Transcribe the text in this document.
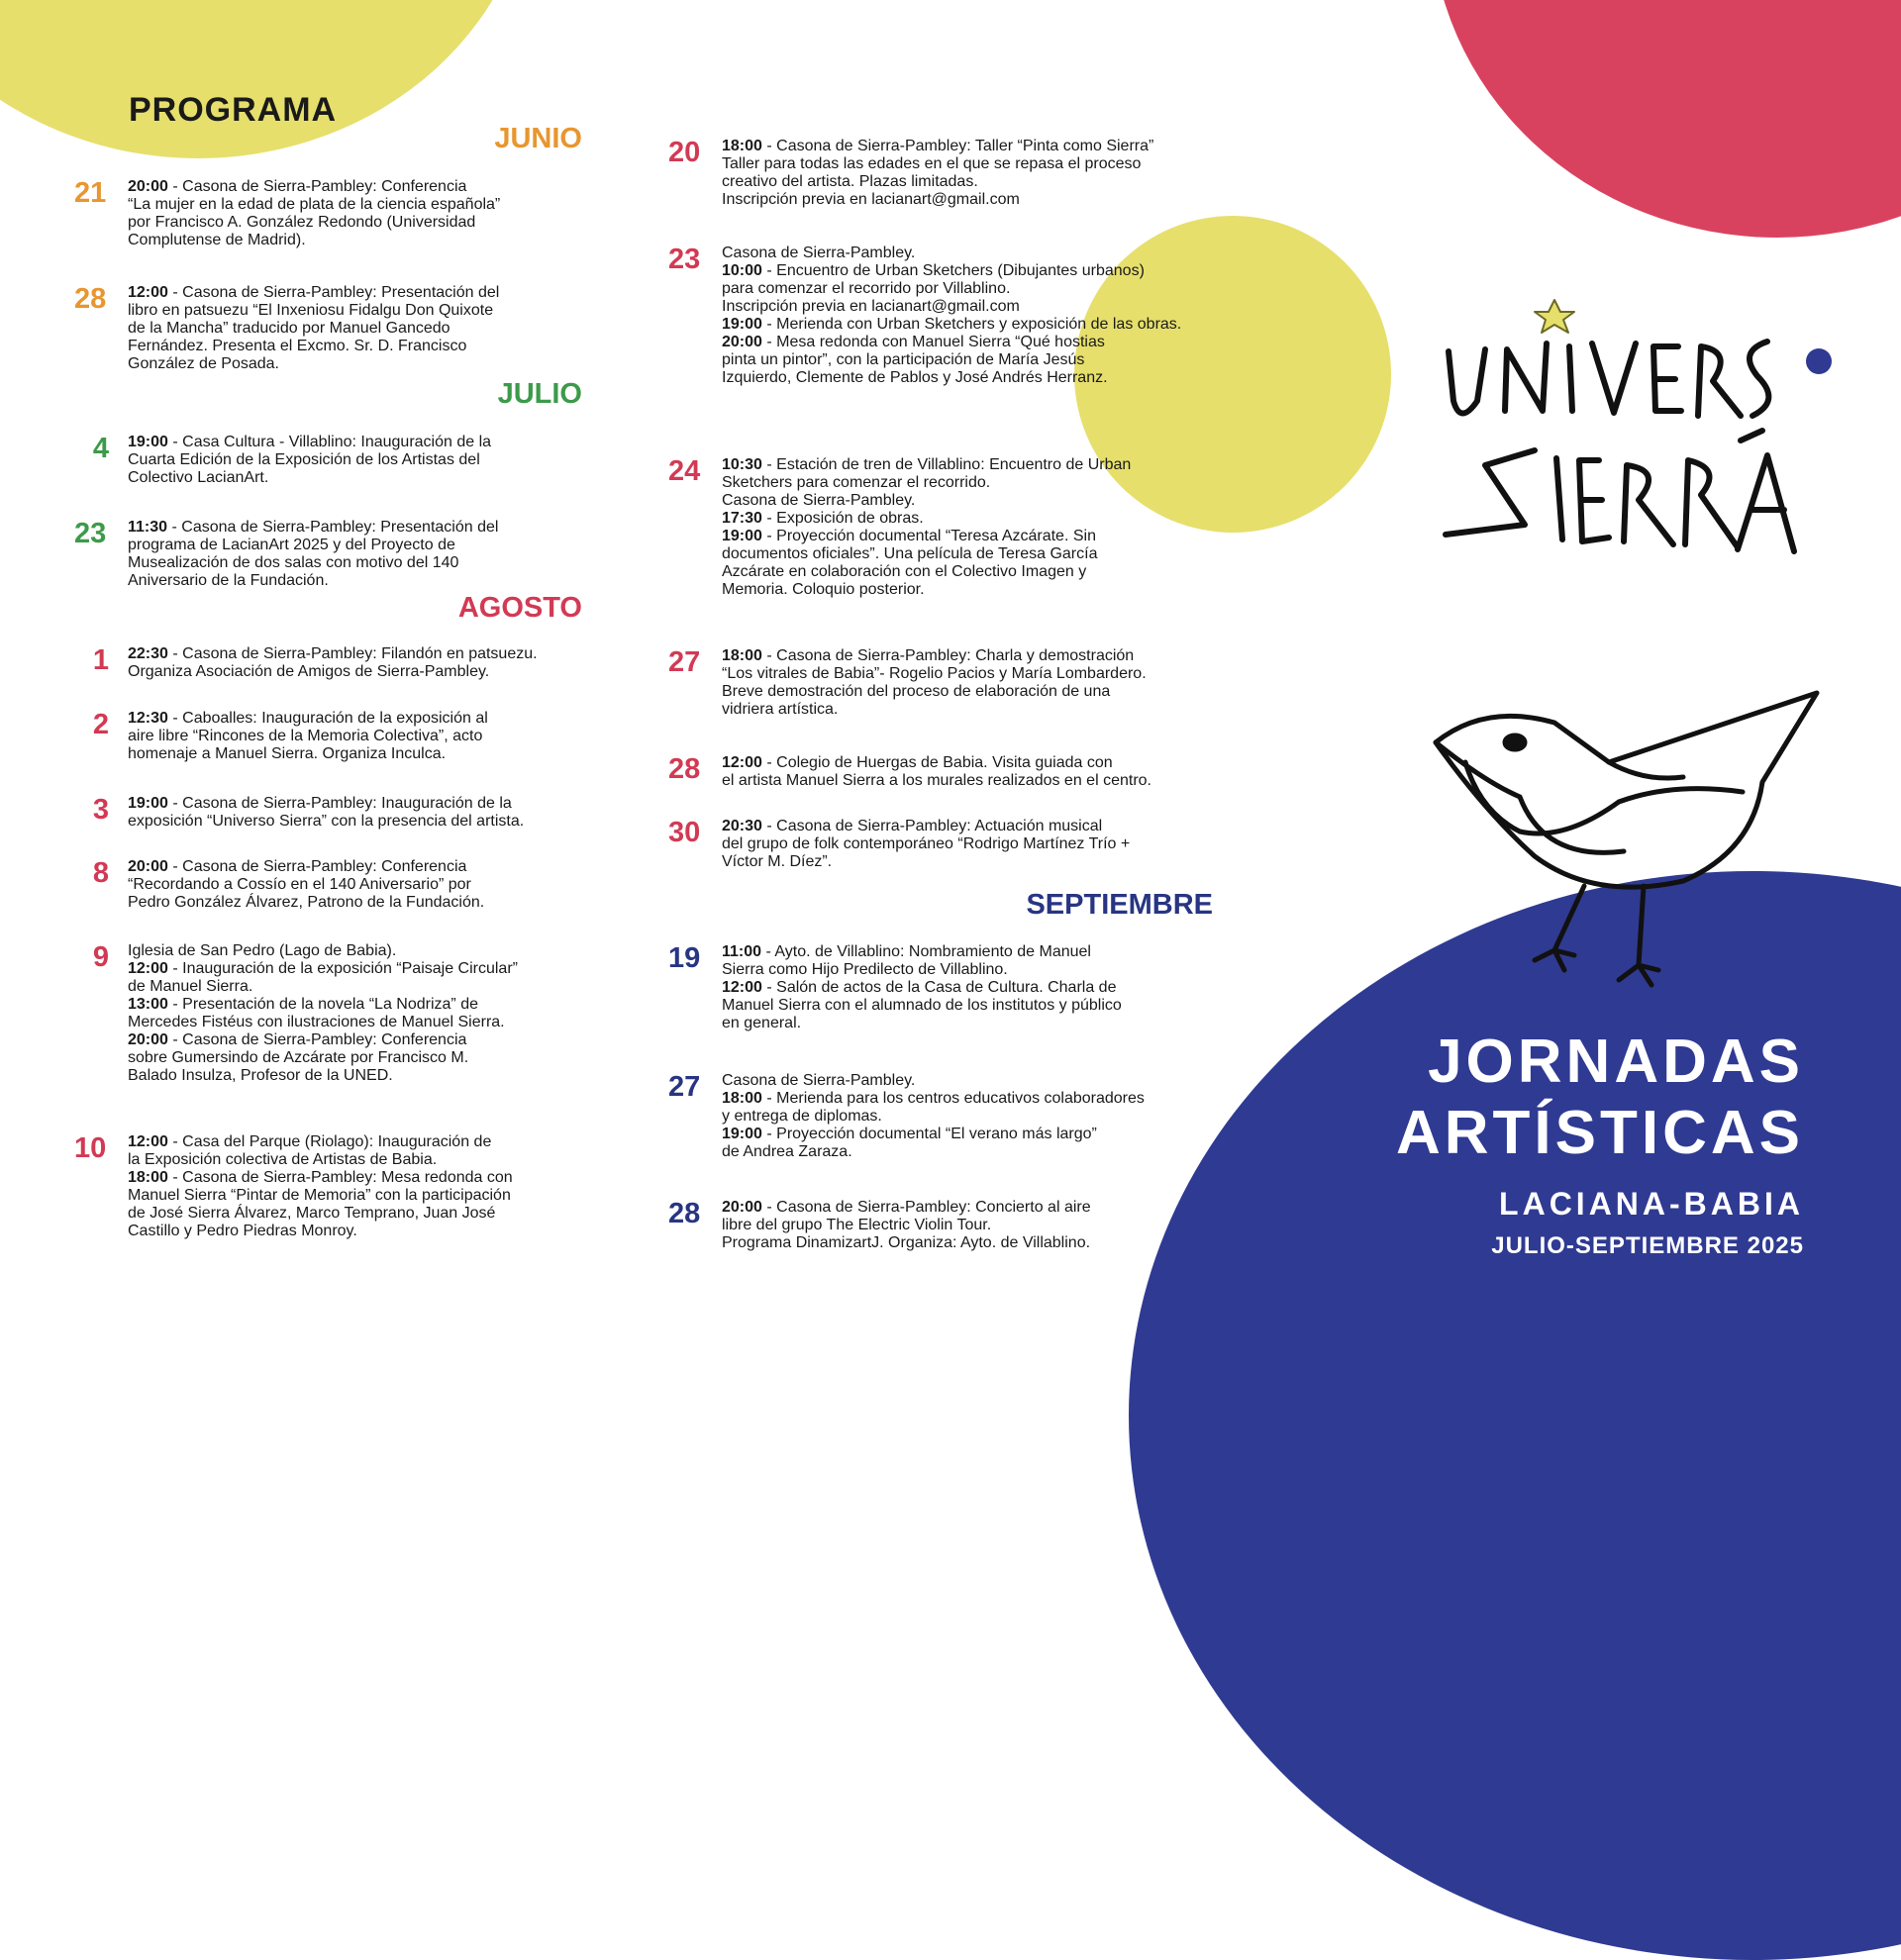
PROGRAMA
JUNIO
JULIO
AGOSTO
SEPTIEMBRE
21	20:00 - Casona de Sierra-Pambley: Conferencia
“La mujer en la edad de plata de la ciencia española”
por Francisco A. González Redondo (Universidad
Complutense de Madrid).
28	12:00 - Casona de Sierra-Pambley: Presentación del
libro en patsuezu “El Inxeniosu Fidalgu Don Quixote
de la Mancha” traducido por Manuel Gancedo
Fernández. Presenta el Excmo. Sr. D. Francisco
González de Posada.
4	19:00 - Casa Cultura - Villablino: Inauguración de la
Cuarta Edición de la Exposición de los Artistas del
Colectivo LacianArt.
23	11:30 - Casona de Sierra-Pambley: Presentación del
programa de LacianArt 2025 y del Proyecto de
Musealización de dos salas con motivo del 140
Aniversario de la Fundación.
1	22:30 - Casona de Sierra-Pambley: Filandón en patsuezu.
Organiza Asociación de Amigos de Sierra-Pambley.
2	12:30 - Caboalles: Inauguración de la exposición al
aire libre “Rincones de la Memoria Colectiva”, acto
homenaje a Manuel Sierra. Organiza Inculca.
3	19:00 - Casona de Sierra-Pambley: Inauguración de la
exposición “Universo Sierra” con la presencia del artista.
8	20:00 - Casona de Sierra-Pambley: Conferencia
“Recordando a Cossío en el 140 Aniversario” por
Pedro González Álvarez, Patrono de la Fundación.
9	Iglesia de San Pedro (Lago de Babia).
12:00 - Inauguración de la exposición “Paisaje Circular”
de Manuel Sierra.
13:00 - Presentación de la novela “La Nodriza” de
Mercedes Fistéus con ilustraciones de Manuel Sierra.
20:00 - Casona de Sierra-Pambley: Conferencia
sobre Gumersindo de Azcárate por Francisco M.
Balado Insulza, Profesor de la UNED.
10	12:00 - Casa del Parque (Riolago): Inauguración de
la Exposición colectiva de Artistas de Babia.
18:00 - Casona de Sierra-Pambley: Mesa redonda con
Manuel Sierra “Pintar de Memoria” con la participación
de José Sierra Álvarez, Marco Temprano, Juan José
Castillo y Pedro Piedras Monroy.
20	18:00 - Casona de Sierra-Pambley: Taller “Pinta como Sierra”
Taller para todas las edades en el que se repasa el proceso
creativo del artista. Plazas limitadas.
Inscripción previa en lacianart@gmail.com
23	Casona de Sierra-Pambley.
10:00 - Encuentro de Urban Sketchers (Dibujantes urbanos)
para comenzar el recorrido por Villablino.
Inscripción previa en lacianart@gmail.com
19:00 - Merienda con Urban Sketchers y exposición de las obras.
20:00 - Mesa redonda con Manuel Sierra “Qué hostias
pinta un pintor”, con la participación de María Jesús
Izquierdo, Clemente de Pablos y José Andrés Herranz.
24	10:30 - Estación de tren de Villablino: Encuentro de Urban
Sketchers para comenzar el recorrido.
Casona de Sierra-Pambley.
17:30 - Exposición de obras.
19:00 - Proyección documental “Teresa Azcárate. Sin
documentos oficiales”. Una película de Teresa García
Azcárate en colaboración con el Colectivo Imagen y
Memoria. Coloquio posterior.
27	18:00 - Casona de Sierra-Pambley: Charla y demostración
“Los vitrales de Babia”- Rogelio Pacios y María Lombardero.
Breve demostración del proceso de elaboración de una
vidriera artística.
28	12:00 - Colegio de Huergas de Babia. Visita guiada con
el artista Manuel Sierra a los murales realizados en el centro.
30	20:30 - Casona de Sierra-Pambley: Actuación musical
del grupo de folk contemporáneo “Rodrigo Martínez Trío +
Víctor M. Díez”.
19	11:00 - Ayto. de Villablino: Nombramiento de Manuel
Sierra como Hijo Predilecto de Villablino.
12:00 - Salón de actos de la Casa de Cultura. Charla de
Manuel Sierra con el alumnado de los institutos y público
en general.
27	Casona de Sierra-Pambley.
18:00 - Merienda para los centros educativos colaboradores
y entrega de diplomas.
19:00 - Proyección documental “El verano más largo”
de Andrea Zaraza.
28	20:00 - Casona de Sierra-Pambley: Concierto al aire
libre del grupo The Electric Violin Tour.
Programa DinamizartJ. Organiza: Ayto. de Villablino.
JORNADAS
ARTÍSTICAS
LACIANA-BABIA
JULIO-SEPTIEMBRE 2025
